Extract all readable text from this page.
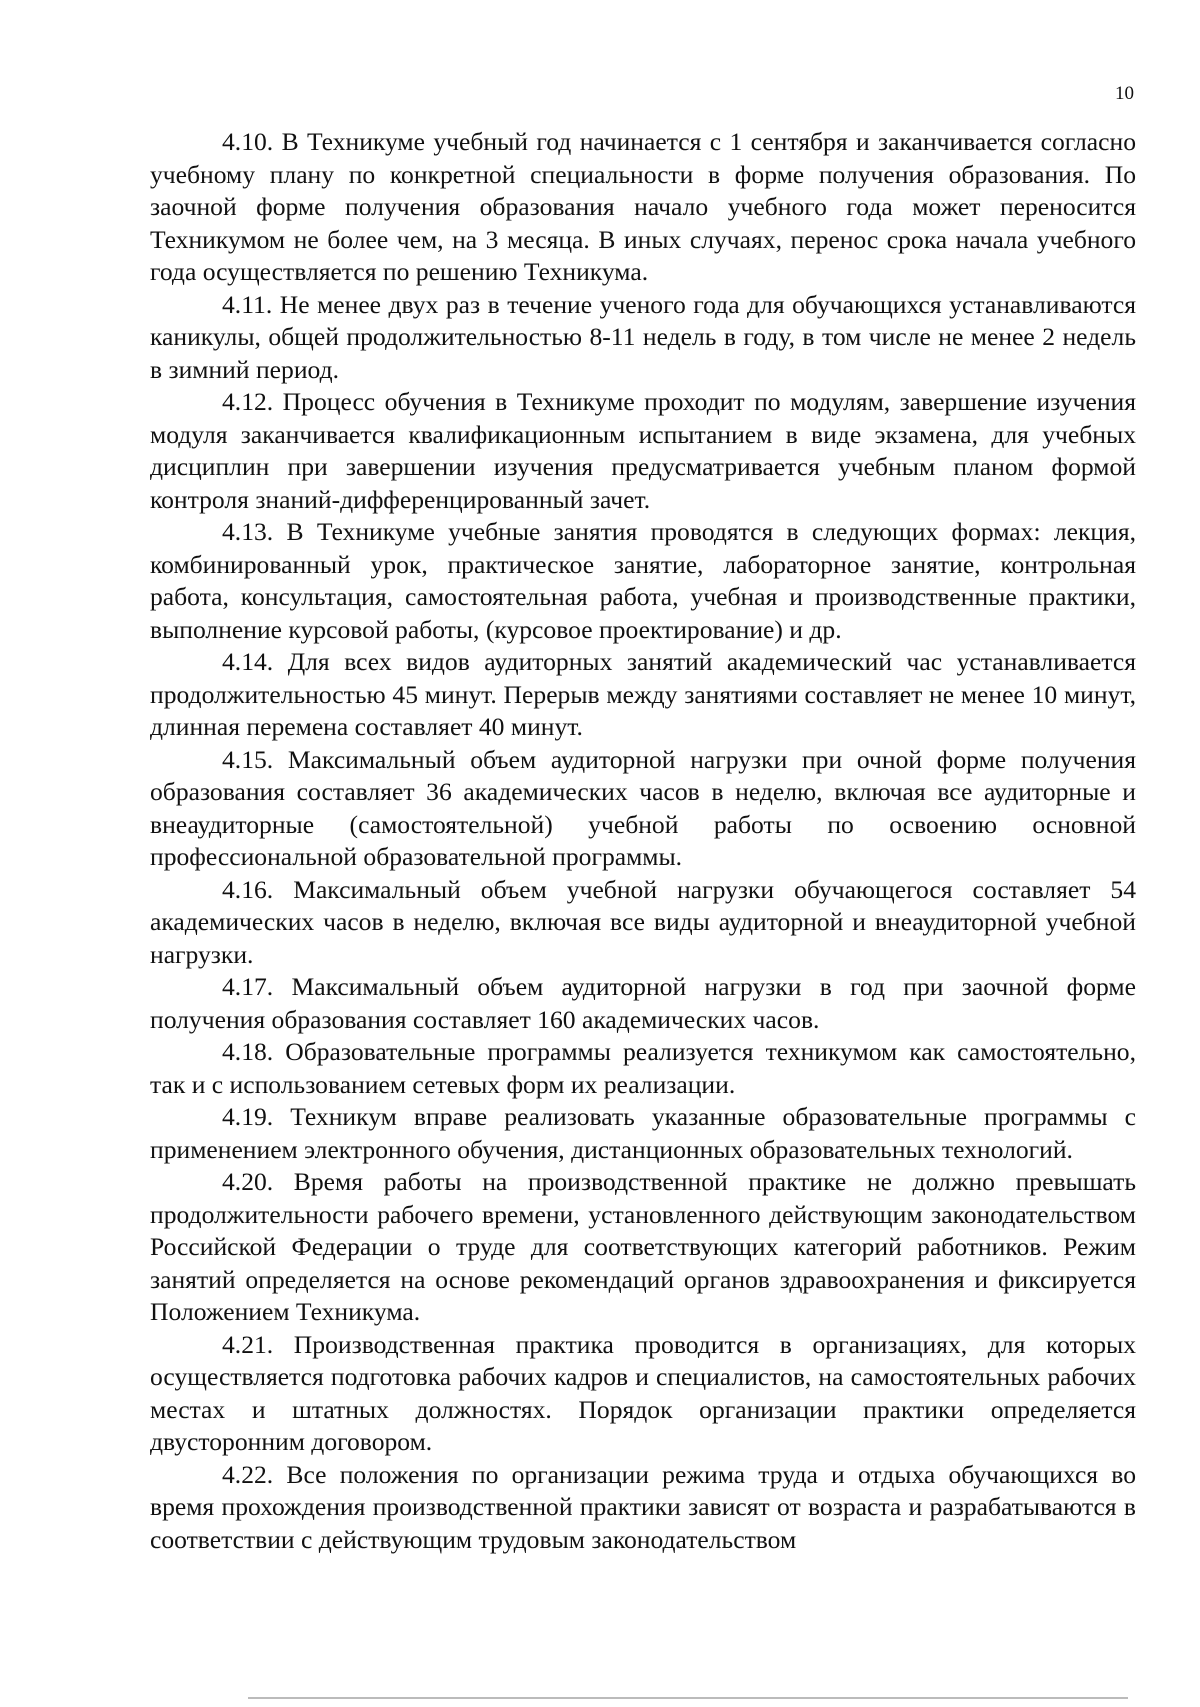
10

4.10. В Техникуме учебный год начинается с 1 сентября и заканчивается согласно учебному плану по конкретной специальности в форме получения образования. По заочной форме получения образования начало учебного года может переносится Техникумом не более чем, на 3 месяца. В иных случаях, перенос срока начала учебного года осуществляется по решению Техникума.

4.11. Не менее двух раз в течение ученого года для обучающихся устанавливаются каникулы, общей продолжительностью 8-11 недель в году, в том числе не менее 2 недель в зимний период.

4.12. Процесс обучения в Техникуме проходит по модулям, завершение изучения модуля заканчивается квалификационным испытанием в виде экзамена, для учебных дисциплин при завершении изучения предусматривается учебным планом формой контроля знаний-дифференцированный зачет.

4.13. В Техникуме учебные занятия проводятся в следующих формах: лекция, комбинированный урок, практическое занятие, лабораторное занятие, контрольная работа, консультация, самостоятельная работа, учебная и производственные практики, выполнение курсовой работы, (курсовое проектирование) и др.

4.14. Для всех видов аудиторных занятий академический час устанавливается продолжительностью 45 минут. Перерыв между занятиями составляет не менее 10 минут, длинная перемена составляет 40 минут.

4.15. Максимальный объем аудиторной нагрузки при очной форме получения образования составляет 36 академических часов в неделю, включая все аудиторные и внеаудиторные (самостоятельной) учебной работы по освоению основной профессиональной образовательной программы.

4.16. Максимальный объем учебной нагрузки обучающегося составляет 54 академических часов в неделю, включая все виды аудиторной и внеаудиторной учебной нагрузки.

4.17. Максимальный объем аудиторной нагрузки в год при заочной форме получения образования составляет 160 академических часов.

4.18. Образовательные программы реализуется техникумом как самостоятельно, так и с использованием сетевых форм их реализации.

4.19. Техникум вправе реализовать указанные образовательные программы с применением электронного обучения, дистанционных образовательных технологий.

4.20. Время работы на производственной практике не должно превышать продолжительности рабочего времени, установленного действующим законодательством Российской Федерации о труде для соответствующих категорий работников. Режим занятий определяется на основе рекомендаций органов здравоохранения и фиксируется Положением Техникума.

4.21. Производственная практика проводится в организациях, для которых осуществляется подготовка рабочих кадров и специалистов, на самостоятельных рабочих местах и штатных должностях. Порядок организации практики определяется двусторонним договором.

4.22. Все положения по организации режима труда и отдыха обучающихся во время прохождения производственной практики зависят от возраста и разрабатываются в соответствии с действующим трудовым законодательством
